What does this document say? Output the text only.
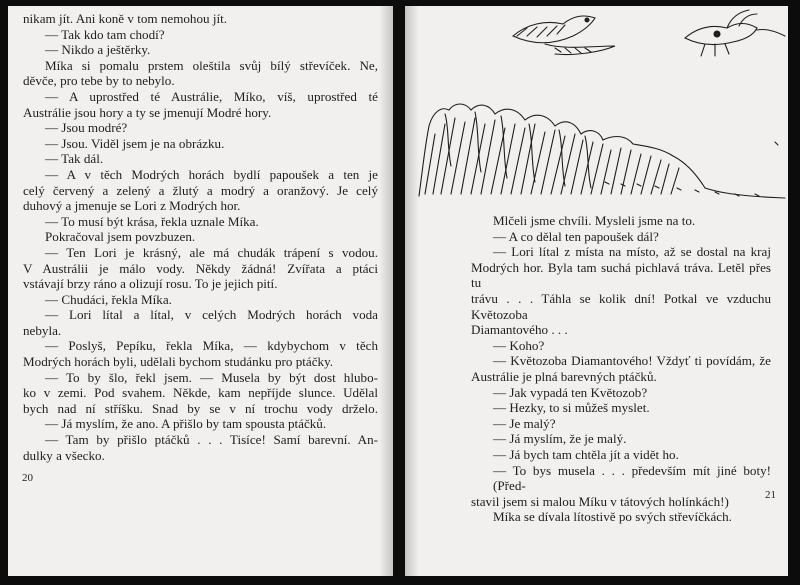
nikam jít. Ani koně v tom nemohou jít.
— Tak kdo tam chodí?
— Nikdo a ještěrky.
Míka si pomalu prstem oleštila svůj bílý střevíček. Ne,
děvče, pro tebe by to nebylo.
— A uprostřed té Austrálie, Míko, víš, uprostřed té
Austrálie jsou hory a ty se jmenují Modré hory.
— Jsou modré?
— Jsou. Viděl jsem je na obrázku.
— Tak dál.
— A v těch Modrých horách bydlí papoušek a ten je
celý červený a zelený a žlutý a modrý a oranžový. Je celý
duhový a jmenuje se Lori z Modrých hor.
— To musí být krása, řekla uznale Míka.
Pokračoval jsem povzbuzen.
— Ten Lori je krásný, ale má chudák trápení s vodou.
V Austrálii je málo vody. Někdy žádná! Zvířata a ptáci
vstávají brzy ráno a olizují rosu. To je jejich pití.
— Chudáci, řekla Míka.
— Lori lítal a lítal, v celých Modrých horách voda
nebyla.
— Poslyš, Pepíku, řekla Míka, — kdybychom v těch
Modrých horách byli, udělali bychom studánku pro ptáčky.
— To by šlo, řekl jsem. — Musela by být dost hlubo-
ko v zemi. Pod svahem. Někde, kam nepříjde slunce. Udělal
bych nad ní stříšku. Snad by se v ní trochu vody drželo.
— Já myslím, že ano. A přišlo by tam spousta ptáčků.
— Tam by přišlo ptáčků . . . Tisíce! Samí barevní. An-
dulky a všecko.
20
Mlčeli jsme chvíli. Mysleli jsme na to.
— A co dělal ten papoušek dál?
— Lori lítal z místa na místo, až se dostal na kraj
Modrých hor. Byla tam suchá pichlavá tráva. Letěl přes tu
trávu . . . Táhla se kolik dní! Potkal ve vzduchu Květozoba
Diamantového . . .
— Koho?
— Květozoba Diamantového! Vždyť ti povídám, že
Austrálie je plná barevných ptáčků.
— Jak vypadá ten Květozob?
— Hezky, to si můžeš myslet.
— Je malý?
— Já myslím, že je malý.
— Já bych tam chtěla jít a vidět ho.
— To bys musela . . . především mít jiné boty! (Před-
stavil jsem si malou Míku v tátových holínkách!)
Míka se dívala lítostivě po svých střevíčkách.
21
